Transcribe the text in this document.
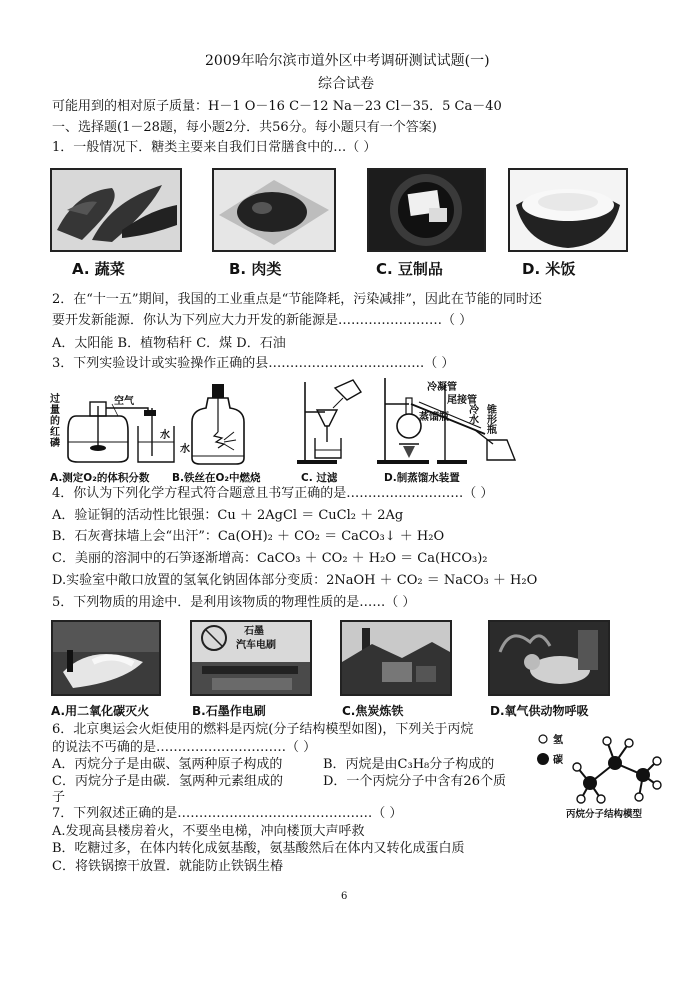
2009年哈尔滨市道外区中考调研测试试题(一)
综合试卷
可能用到的相对原子质量：H－1 O－16 C－12 Na－23 Cl－35．5 Ca－40
一、选择题(1－28题，每小题2分．共56分。每小题只有一个答案)
1．一般情况下．糖类主要来自我们日常膳食中的…（ ）
A. 蔬菜	B. 肉类	C. 豆制品	D. 米饭
2．在“十一五”期间，我国的工业重点是“节能降耗，污染减排”，因此在节能的同时还
要开发新能源．你认为下列应大力开发的新能源是……………………（ ）
A．太阳能 B．植物秸秆 C．煤 D．石油
3．下列实验设计或实验操作正确的县………………………………（ ）
过量的红磷
空气
水
水
冷凝管
尾接管
蒸馏瓶
冷水
锥形瓶
A.测定O₂的体积分数 B.铁丝在O₂中燃烧	C. 过滤	D.制蒸馏水装置
4．你认为下列化学方程式符合题意且书写正确的是………………………（ ）
A．验证铜的活动性比银强：Cu ＋ 2AgCl ＝ CuCl₂ ＋ 2Ag
B．石灰膏抹墙上会“出汗”：Ca(OH)₂ ＋ CO₂ ＝ CaCO₃↓ ＋ H₂O
C．美丽的溶洞中的石笋逐渐增高：CaCO₃ ＋ CO₂ ＋ H₂O ＝ Ca(HCO₃)₂
D.实验室中敞口放置的氢氧化钠固体部分变质：2NaOH ＋ CO₂ ＝ NaCO₃ ＋ H₂O
5．下列物质的用途中．是利用该物质的物理性质的是……（ ）
石墨
汽车电刷
A.用二氧化碳灭火	B.石墨作电刷	C.焦炭炼铁	D.氧气供动物呼吸
6．北京奥运会火炬使用的燃料是丙烷(分子结构模型如图)，下列关于丙烷
的说法不丐确的是…………………………（ ）
A．丙烷分子是由碳、氢两种原子构成的	B．丙烷是由C₃H₈分子构成的
C．丙烷分子是由碳．氢两种元素组成的	D．一个丙烷分子中含有26个质
子
氢
碳
丙烷分子结构模型
7．下列叙述正确的是………………………………………（ ）
A.发现高县楼房着火，不要坐电梯，冲向楼顶大声呼救
B．吃糖过多，在体内转化成氨基酸，氨基酸然后在体内又转化成蛋白质
C．将铁锅擦干放置．就能防止铁锅生椿
6
